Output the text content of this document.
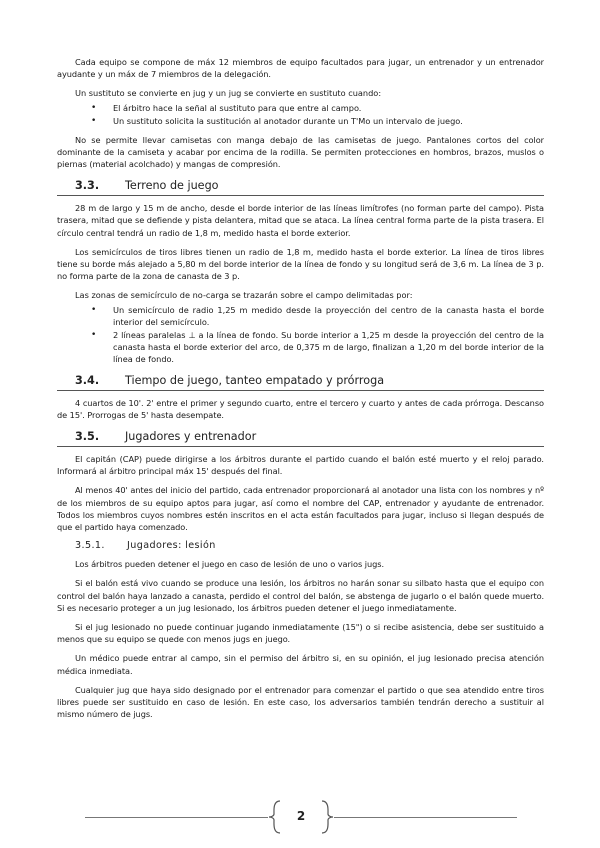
Cada equipo se compone de máx 12 miembros de equipo facultados para jugar, un entrenador y un entrenador ayudante y un máx de 7 miembros de la delegación.

Un sustituto se convierte en jug y un jug se convierte en sustituto cuando:

• El árbitro hace la señal al sustituto para que entre al campo.
• Un sustituto solicita la sustitución al anotador durante un T'Mo un intervalo de juego.

No se permite llevar camisetas con manga debajo de las camisetas de juego. Pantalones cortos del color dominante de la camiseta y acabar por encima de la rodilla. Se permiten protecciones en hombros, brazos, muslos o piernas (material acolchado) y mangas de compresión.

3.3.	Terreno de juego

28 m de largo y 15 m de ancho, desde el borde interior de las líneas limítrofes (no forman parte del campo). Pista trasera, mitad que se defiende y pista delantera, mitad que se ataca. La línea central forma parte de la pista trasera. El círculo central tendrá un radio de 1,8 m, medido hasta el borde exterior.

Los semicírculos de tiros libres tienen un radio de 1,8 m, medido hasta el borde exterior. La línea de tiros libres tiene su borde más alejado a 5,80 m del borde interior de la línea de fondo y su longitud será de 3,6 m. La línea de 3 p. no forma parte de la zona de canasta de 3 p.

Las zonas de semicírculo de no-carga se trazarán sobre el campo delimitadas por:

• Un semicírculo de radio 1,25 m medido desde la proyección del centro de la canasta hasta el borde interior del semicírculo.
• 2 líneas paralelas ⊥ a la línea de fondo. Su borde interior a 1,25 m desde la proyección del centro de la canasta hasta el borde exterior del arco, de 0,375 m de largo, finalizan a 1,20 m del borde interior de la línea de fondo.
3.4.	Tiempo de juego, tanteo empatado y prórroga

4 cuartos de 10'. 2' entre el primer y segundo cuarto, entre el tercero y cuarto y antes de cada prórroga. Descanso de 15'. Prorrogas de 5' hasta desempate.

3.5.	Jugadores y entrenador

El capitán (CAP) puede dirigirse a los árbitros durante el partido cuando el balón esté muerto y el reloj parado. Informará al árbitro principal máx 15' después del final.

Al menos 40' antes del inicio del partido, cada entrenador proporcionará al anotador una lista con los nombres y nº de los miembros de su equipo aptos para jugar, así como el nombre del CAP, entrenador y ayudante de entrenador. Todos los miembros cuyos nombres estén inscritos en el acta están facultados para jugar, incluso si llegan después de que el partido haya comenzado.

3.5.1.	Jugadores: lesión

Los árbitros pueden detener el juego en caso de lesión de uno o varios jugs.

Si el balón está vivo cuando se produce una lesión, los árbitros no harán sonar su silbato hasta que el equipo con control del balón haya lanzado a canasta, perdido el control del balón, se abstenga de jugarlo o el balón quede muerto. Si es necesario proteger a un jug lesionado, los árbitros pueden detener el juego inmediatamente.

Si el jug lesionado no puede continuar jugando inmediatamente (15") o si recibe asistencia, debe ser sustituido a menos que su equipo se quede con menos jugs en juego.

Un médico puede entrar al campo, sin el permiso del árbitro si, en su opinión, el jug lesionado precisa atención médica inmediata.

Cualquier jug que haya sido designado por el entrenador para comenzar el partido o que sea atendido entre tiros libres puede ser sustituido en caso de lesión. En este caso, los adversarios también tendrán derecho a sustituir al mismo número de jugs.

2
